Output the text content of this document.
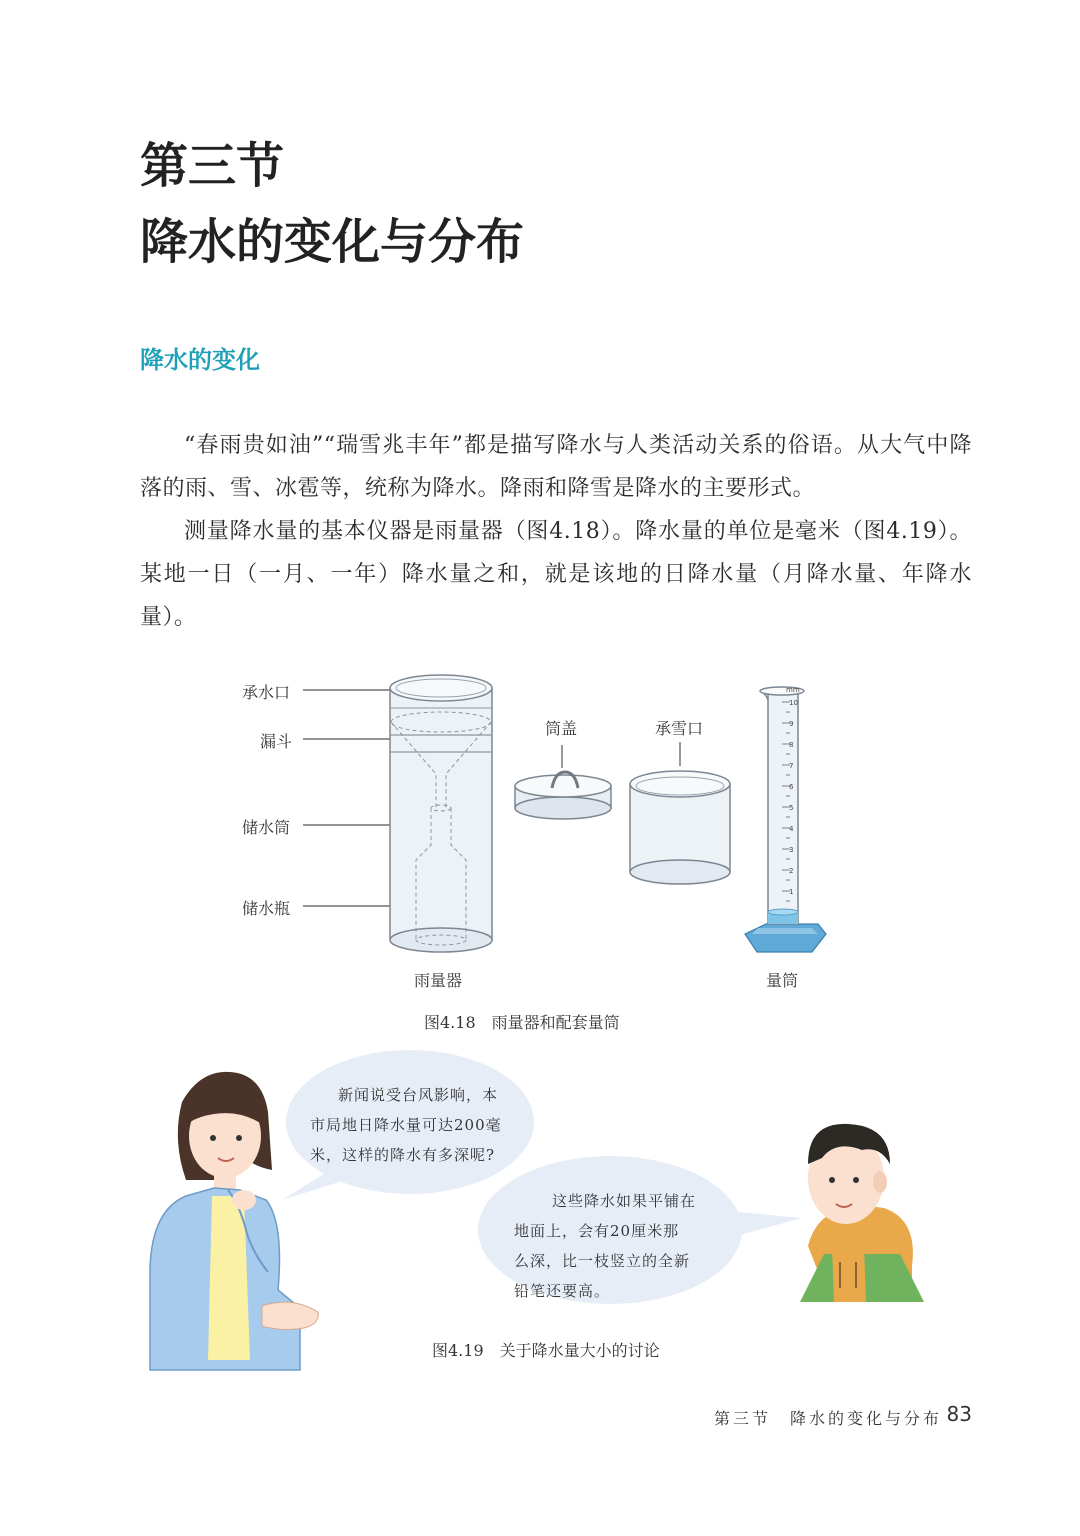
第三节
降水的变化与分布
降水的变化

“春雨贵如油”“瑞雪兆丰年”都是描写降水与人类活动关系的俗语。从大气中降落的雨、雪、冰雹等，统称为降水。降雨和降雪是降水的主要形式。

测量降水量的基本仪器是雨量器（图4.18）。降水量的单位是毫米（图4.19）。某地一日（一月、一年）降水量之和，就是该地的日降水量（月降水量、年降水量）。

承水口
漏斗
储水筒
储水瓶
雨量器
筒盖	承雪口
量筒
mm
10
9
8
7
6
5
4
3
2
1
图4.18　雨量器和配套量筒
新闻说受台风影响，本
市局地日降水量可达200毫
米，这样的降水有多深呢?
这些降水如果平铺在
地面上，会有20厘米那
么深，比一枝竖立的全新
铅笔还要高。
图4.19　关于降水量大小的讨论
第三节　降水的变化与分布 83
